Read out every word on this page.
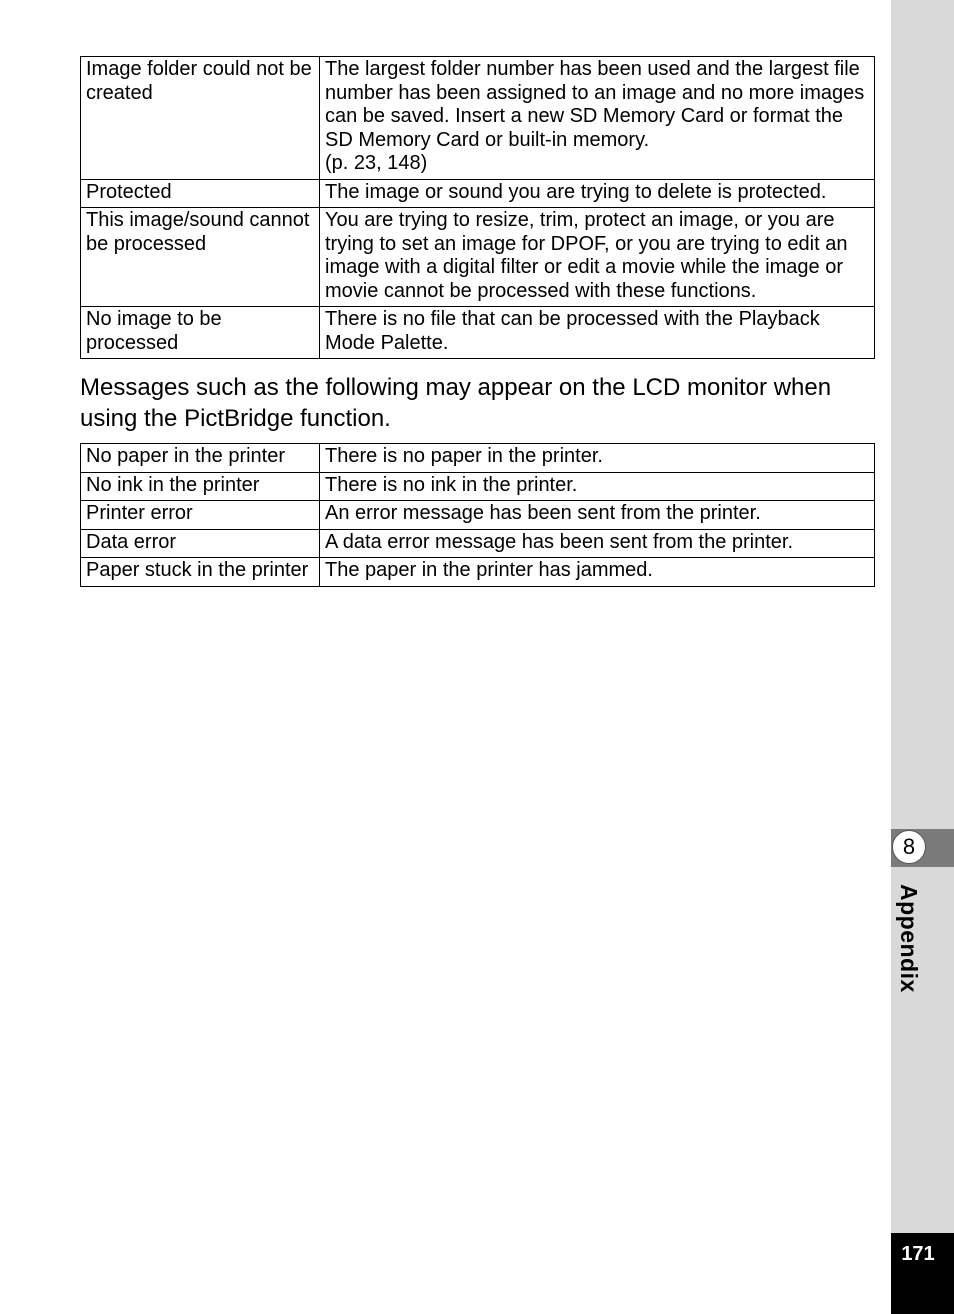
Image folder could not be created	The largest folder number has been used and the largest file number has been assigned to an image and no more images can be saved. Insert a new SD Memory Card or format the SD Memory Card or built-in memory.
(p. 23, 148)
Protected	The image or sound you are trying to delete is protected.
This image/sound cannot be processed	You are trying to resize, trim, protect an image, or you are trying to set an image for DPOF, or you are trying to edit an image with a digital filter or edit a movie while the image or movie cannot be processed with these functions.
No image to be processed	There is no file that can be processed with the Playback Mode Palette.
Messages such as the following may appear on the LCD monitor when using the PictBridge function.
No paper in the printer	There is no paper in the printer.
No ink in the printer	There is no ink in the printer.
Printer error	An error message has been sent from the printer.
Data error	A data error message has been sent from the printer.
Paper stuck in the printer	The paper in the printer has jammed.
8
Appendix
171
